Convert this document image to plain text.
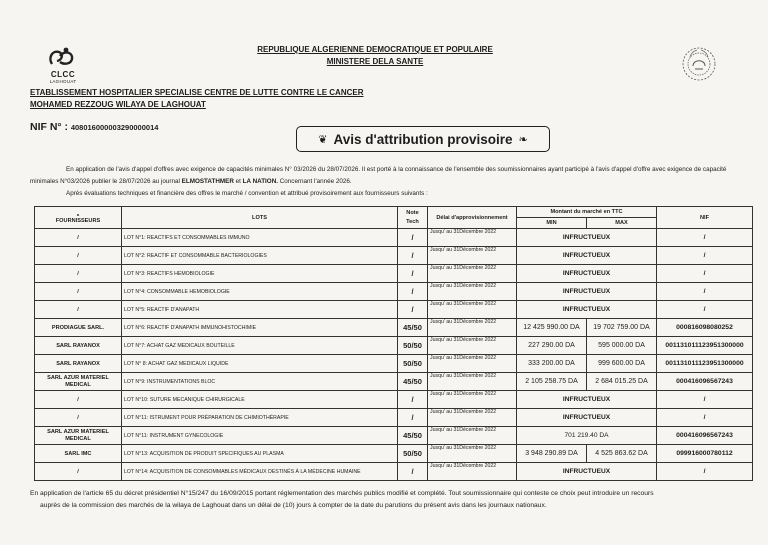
CLCC
LAGHOUAT
REPUBLIQUE ALGERIENNE DEMOCRATIQUE ET POPULAIRE
MINISTERE DELA SANTE
ETABLISSEMENT HOSPITALIER SPECIALISE CENTRE DE LUTTE CONTRE LE CANCER
MOHAMED REZZOUG WILAYA DE LAGHOUAT
NIF N° : 408016000003290000014
❦ Avis d'attribution provisoire ❧

En application de l'avis d'appel d'offres avec exigence de capacités minimales N° 03/2026 du 28/07/2026. Il est porté à la connaissance de l'ensemble des soumissionnaires ayant participé à l'avis d'appel d'offre avec exigence de capacité

minimales N°03/2026 publier le 28/07/2026 au journal ELMOSTATHMER et LA NATION. Concernant l'année 2026.

Après évaluations techniques et financière des offres le marché / convention et attribué provisoirement aux fournisseurs suivants :

a
FOURNISSEURS	LOTS	Note Tech	Délai d'approvisionnement	Montant du marché en TTC		NIF
				MIN	MAX	
/	LOT N°1: REACTIFS ET CONSOMMABLES IMMUNO	/	Jusqu' au 31Décembre 2022	INFRUCTUEUX		/
/	LOT N°2: REACTIF ET CONSOMMABLE BACTERIOLOGIES	/	Jusqu' au 31Décembre 2022	INFRUCTUEUX		/
/	LOT N°3: REACTIFS HEMOBIOLOGIE	/	Jusqu' au 31Décembre 2022	INFRUCTUEUX		/
/	LOT N°4: CONSOMMABLE HEMOBIOLOGIE	/	Jusqu' au 31Décembre 2022	INFRUCTUEUX		/
/	LOT N°5: REACTIF D'ANAPATH	/	Jusqu' au 31Décembre 2022	INFRUCTUEUX		/
PRODIAGUE SARL.	LOT N°6: REACTIF D'ANAPATH IMMUNOHISTOCHIMIE	45/50	Jusqu' au 31Décembre 2022	12 425 990.00 DA	19 702 759.00 DA	000816098080252
SARL RAYANOX	LOT N°7: ACHAT GAZ MEDICAUX BOUTEILLE	50/50	Jusqu' au 31Décembre 2022	227 290.00 DA	595 000.00 DA	001131011123951300000
SARL RAYANOX	LOT N° 8: ACHAT GAZ MEDICAUX LIQUIDE	50/50	Jusqu' au 31Décembre 2022	333 200.00 DA	999 600.00 DA	001131011123951300000
SARL AZUR MATERIEL MEDICAL	LOT N°9: INSTRUMENTATIONS BLOC	45/50	Jusqu' au 31Décembre 2022	2 105 258.75 DA	2 684 015.25 DA	000416096567243
/	LOT N°10: SUTURE MECANIQUE CHIRURGICALE	/	Jusqu' au 31Décembre 2022	INFRUCTUEUX		/
/	LOT N°11: ISTRUMENT POUR PRÉPARATION DE CHIMIOTHÉRAPIE	/	Jusqu' au 31Décembre 2022	INFRUCTUEUX		/
SARL AZUR MATERIEL MEDICAL	LOT N°11: INSTRUMENT GYNECOLOGIE	45/50	Jusqu' au 31Décembre 2022	701 219.40 DA		000416096567243
SARL IMC	LOT N°13: ACQUISITION DE PRODUIT SPECIFIQUES AU PLASMA	50/50	Jusqu' au 31Décembre 2022	3 948 290.89 DA	4 525 863.62 DA	099916000780112
/	LOT N°14: ACQUISITION DE CONSOMMABLES MÉDICAUX DESTINÉS À LA MÉDECINE HUMAINE	/	Jusqu' au 31Décembre 2022	INFRUCTUEUX		/

En application de l'article 65 du décret présidentiel N°15/247 du 16/09/2015 portant réglementation des marchés publics modifié et complété. Tout soumissionnaire qui conteste ce choix peut introduire un recours

auprès de la commission des marchés de la wilaya de Laghouat dans un délai de (10) jours à compter de la date du parutions du présent avis dans les journaux nationaux.
